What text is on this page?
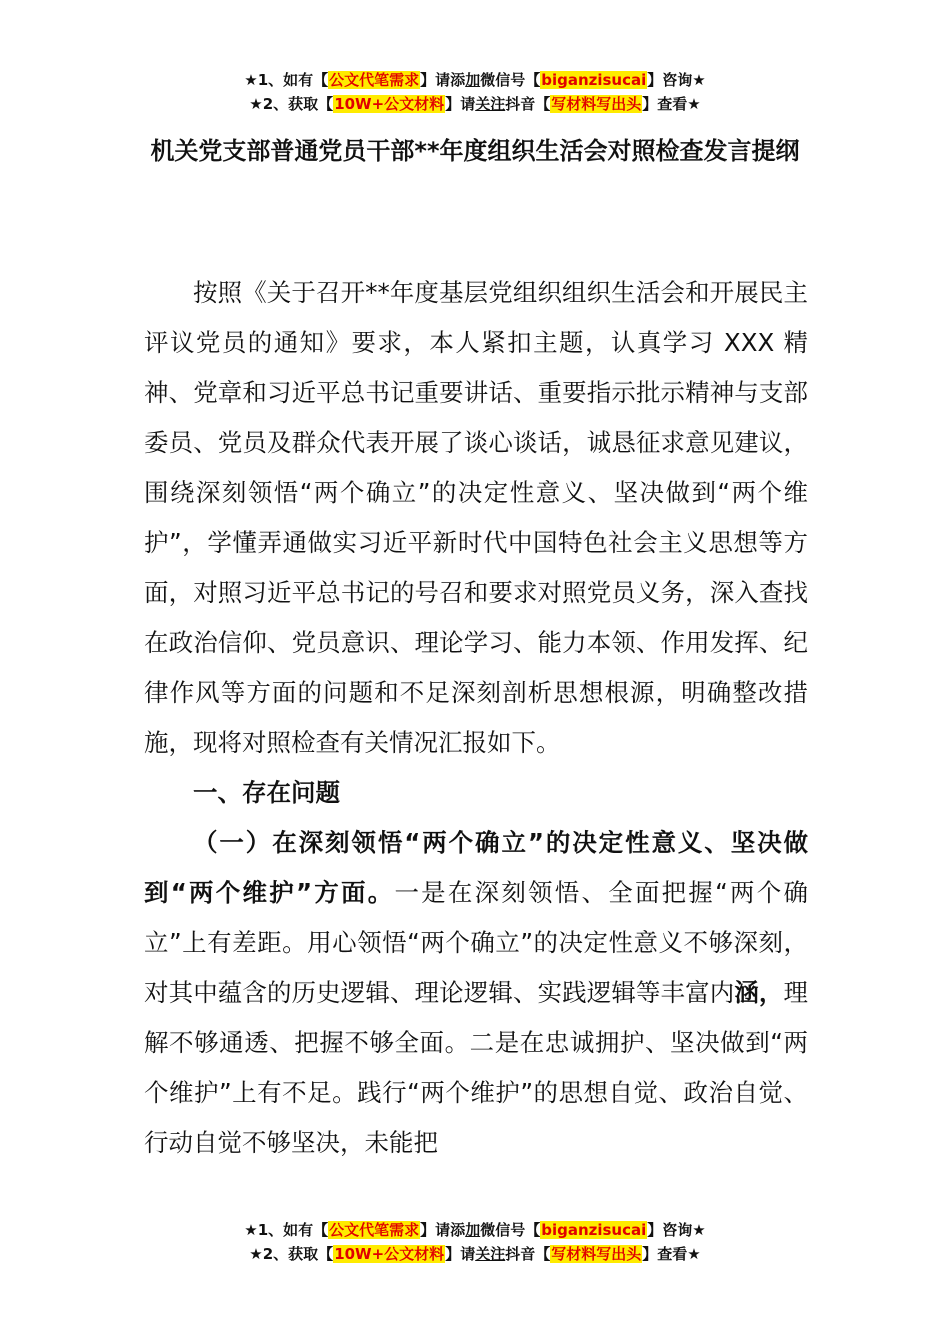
★1、如有【公文代笔需求】请添加微信号【biganzisucai】咨询★
★2、获取【10W+公文材料】请关注抖音【写材料写出头】查看★
机关党支部普通党员干部**年度组织生活会对照检查发言提纲

按照《关于召开**年度基层党组织组织生活会和开展民主评议党员的通知》要求，本人紧扣主题，认真学习 XXX 精神、党章和习近平总书记重要讲话、重要指示批示精神与支部委员、党员及群众代表开展了谈心谈话，诚恳征求意见建议，围绕深刻领悟“两个确立”的决定性意义、坚决做到“两个维护”，学懂弄通做实习近平新时代中国特色社会主义思想等方面，对照习近平总书记的号召和要求对照党员义务，深入查找在政治信仰、党员意识、理论学习、能力本领、作用发挥、纪律作风等方面的问题和不足深刻剖析思想根源，明确整改措施，现将对照检查有关情况汇报如下。

一、存在问题

（一）在深刻领悟“两个确立”的决定性意义、坚决做到“两个维护”方面。一是在深刻领悟、全面把握“两个确立”上有差距。用心领悟“两个确立”的决定性意义不够深刻，对其中蕴含的历史逻辑、理论逻辑、实践逻辑等丰富内涵，理解不够通透、把握不够全面。二是在忠诚拥护、坚决做到“两个维护”上有不足。践行“两个维护”的思想自觉、政治自觉、行动自觉不够坚决，未能把

★1、如有【公文代笔需求】请添加微信号【biganzisucai】咨询★
★2、获取【10W+公文材料】请关注抖音【写材料写出头】查看★
